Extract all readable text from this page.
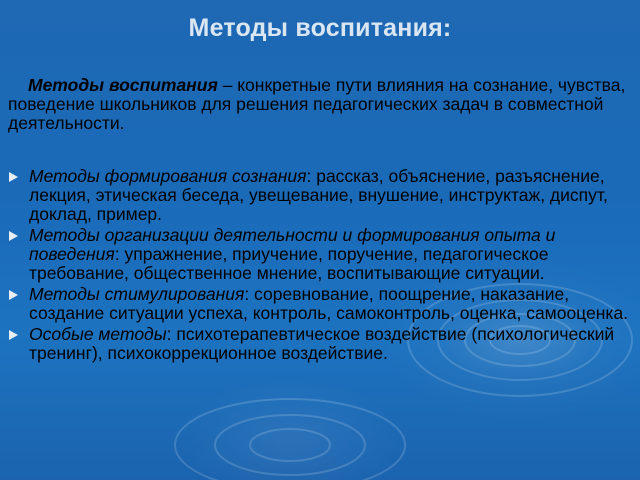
Методы воспитания:
Методы воспитания – конкретные пути влияния на сознание, чувства, поведение школьников для решения педагогических задач в совместной деятельности.
Методы формирования сознания: рассказ, объяснение, разъяснение, лекция, этическая беседа, увещевание, внушение, инструктаж, диспут, доклад, пример.
Методы организации деятельности и формирования опыта и поведения: упражнение, приучение, поручение, педагогическое требование, общественное мнение, воспитывающие ситуации.
Методы стимулирования: соревнование, поощрение, наказание, создание ситуации успеха, контроль, самоконтроль, оценка, самооценка.
Особые методы: психотерапевтическое воздействие (психологический тренинг), психокоррекционное воздействие.
